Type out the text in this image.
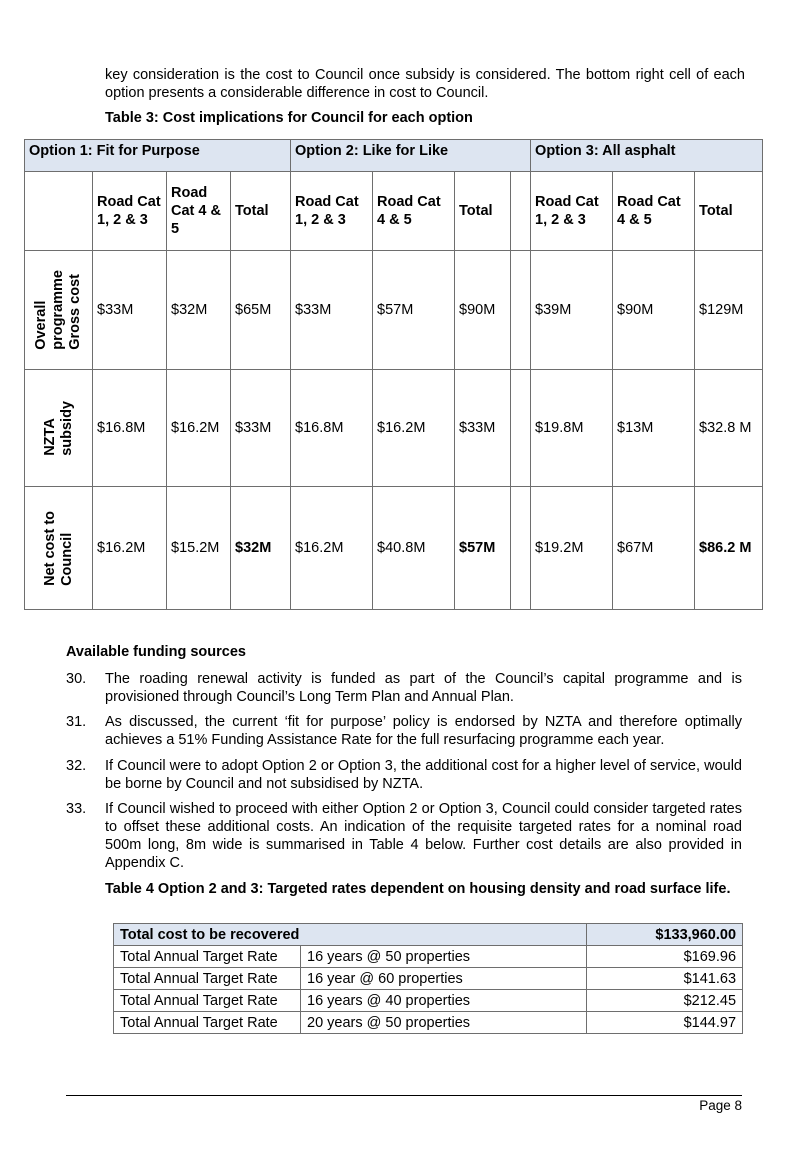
key consideration is the cost to Council once subsidy is considered. The bottom right cell of each option presents a considerable difference in cost to Council.

Table 3: Cost implications for Council for each option

Option 1: Fit for Purpose				Option 2: Like for Like				Option 3: All asphalt		
	Road Cat 1, 2 & 3	Road Cat 4 & 5	Total	Road Cat 1, 2 & 3	Road Cat 4 & 5	Total		Road Cat 1, 2 & 3	Road Cat 4 & 5	Total

Overall programme Gross cost	$33M	$32M	$65M	$33M	$57M	$90M		$39M	$90M	$129M

NZTA subsidy	$16.8M	$16.2M	$33M	$16.8M	$16.2M	$33M		$19.8M	$13M	$32.8 M

Net cost to Council	$16.2M	$15.2M	$32M	$16.2M	$40.8M	$57M		$19.2M	$67M	$86.2 M

Available funding sources

30. The roading renewal activity is funded as part of the Council’s capital programme and is provisioned through Council’s Long Term Plan and Annual Plan.

31. As discussed, the current ‘fit for purpose’ policy is endorsed by NZTA and therefore optimally achieves a 51% Funding Assistance Rate for the full resurfacing programme each year.

32. If Council were to adopt Option 2 or Option 3, the additional cost for a higher level of service, would be borne by Council and not subsidised by NZTA.

33. If Council wished to proceed with either Option 2 or Option 3, Council could consider targeted rates to offset these additional costs. An indication of the requisite targeted rates for a nominal road 500m long, 8m wide is summarised in Table 4 below. Further cost details are also provided in Appendix C.

Table 4 Option 2 and 3: Targeted rates dependent on housing density and road surface life.

Total cost to be recovered		$133,960.00
Total Annual Target Rate	16 years @ 50 properties	$169.96
Total Annual Target Rate	16 year @ 60 properties	$141.63
Total Annual Target Rate	16 years @ 40 properties	$212.45
Total Annual Target Rate	20 years @ 50 properties	$144.97
Page 8
